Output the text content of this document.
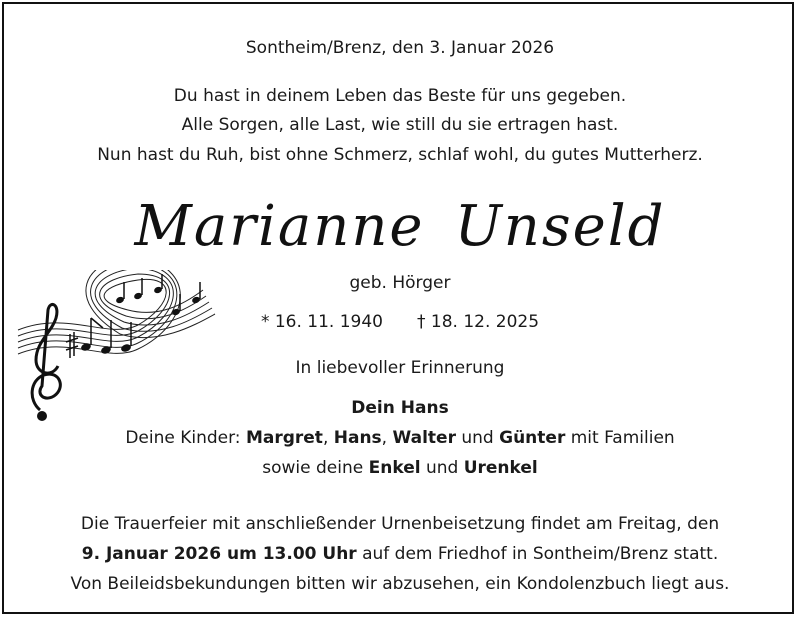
Sontheim/Brenz, den 3. Januar 2026
Du hast in deinem Leben das Beste für uns gegeben.
Alle Sorgen, alle Last, wie still du sie ertragen hast.
Nun hast du Ruh, bist ohne Schmerz, schlaf wohl, du gutes Mutterherz.
Marianne Unseld
geb. Hörger
* 16. 11. 1940 † 18. 12. 2025
In liebevoller Erinnerung
Dein Hans
Deine Kinder: Margret, Hans, Walter und Günter mit Familien
sowie deine Enkel und Urenkel
Die Trauerfeier mit anschließender Urnenbeisetzung findet am Freitag, den
9. Januar 2026 um 13.00 Uhr auf dem Friedhof in Sontheim/Brenz statt.
Von Beileidsbekundungen bitten wir abzusehen, ein Kondolenzbuch liegt aus.
